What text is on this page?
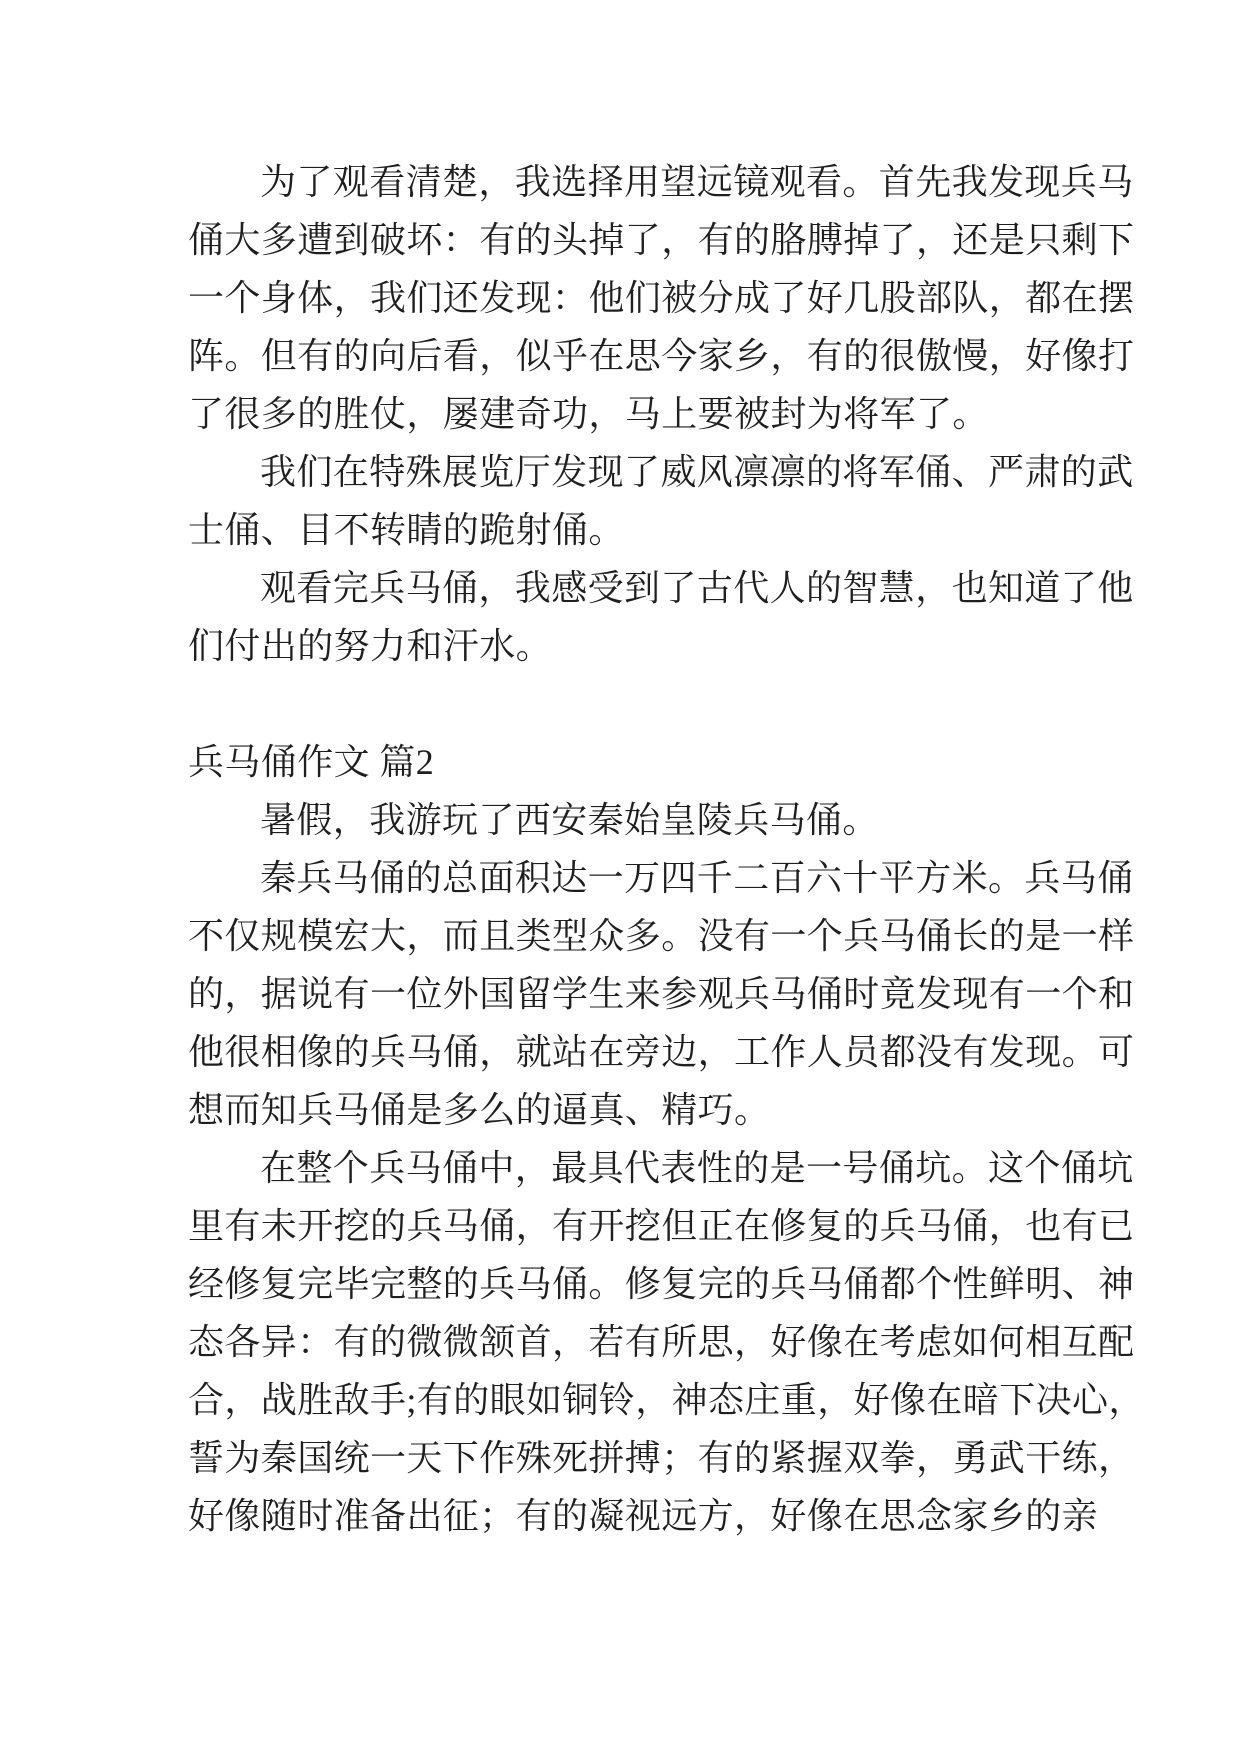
为了观看清楚，我选择用望远镜观看。首先我发现兵马
俑大多遭到破坏：有的头掉了，有的胳膊掉了，还是只剩下
一个身体，我们还发现：他们被分成了好几股部队，都在摆
阵。但有的向后看，似乎在思今家乡，有的很傲慢，好像打
了很多的胜仗，屡建奇功，马上要被封为将军了。
我们在特殊展览厅发现了威风凛凛的将军俑、严肃的武
士俑、目不转睛的跪射俑。
观看完兵马俑，我感受到了古代人的智慧，也知道了他
们付出的努力和汗水。
兵马俑作文 篇2
暑假，我游玩了西安秦始皇陵兵马俑。
秦兵马俑的总面积达一万四千二百六十平方米。兵马俑
不仅规模宏大，而且类型众多。没有一个兵马俑长的是一样
的，据说有一位外国留学生来参观兵马俑时竟发现有一个和
他很相像的兵马俑，就站在旁边，工作人员都没有发现。可
想而知兵马俑是多么的逼真、精巧。
在整个兵马俑中，最具代表性的是一号俑坑。这个俑坑
里有未开挖的兵马俑，有开挖但正在修复的兵马俑，也有已
经修复完毕完整的兵马俑。修复完的兵马俑都个性鲜明、神
态各异：有的微微颔首，若有所思，好像在考虑如何相互配
合，战胜敌手;有的眼如铜铃，神态庄重，好像在暗下决心，
誓为秦国统一天下作殊死拼搏；有的紧握双拳，勇武干练，
好像随时准备出征；有的凝视远方，好像在思念家乡的亲
